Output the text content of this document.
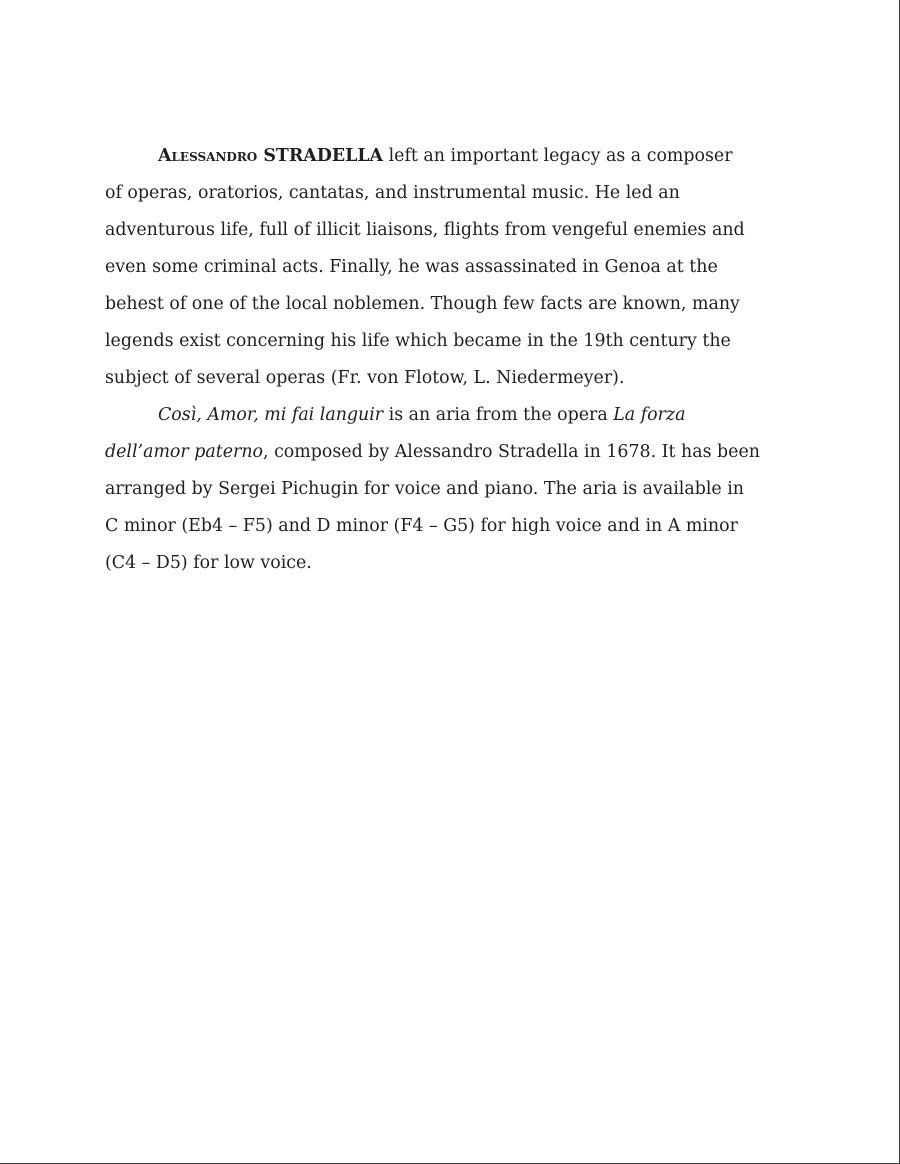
Alessandro STRADELLA left an important legacy as a composer
of operas, oratorios, cantatas, and instrumental music. He led an
adventurous life, full of illicit liaisons, flights from vengeful enemies and
even some criminal acts. Finally, he was assassinated in Genoa at the
behest of one of the local noblemen. Though few facts are known, many
legends exist concerning his life which became in the 19th century the
subject of several operas (Fr. von Flotow, L. Niedermeyer).
Così, Amor, mi fai languir is an aria from the opera La forza
dell’amor paterno, composed by Alessandro Stradella in 1678. It has been
arranged by Sergei Pichugin for voice and piano. The aria is available in
C minor (Eb4 – F5) and D minor (F4 – G5) for high voice and in A minor
(C4 – D5) for low voice.
